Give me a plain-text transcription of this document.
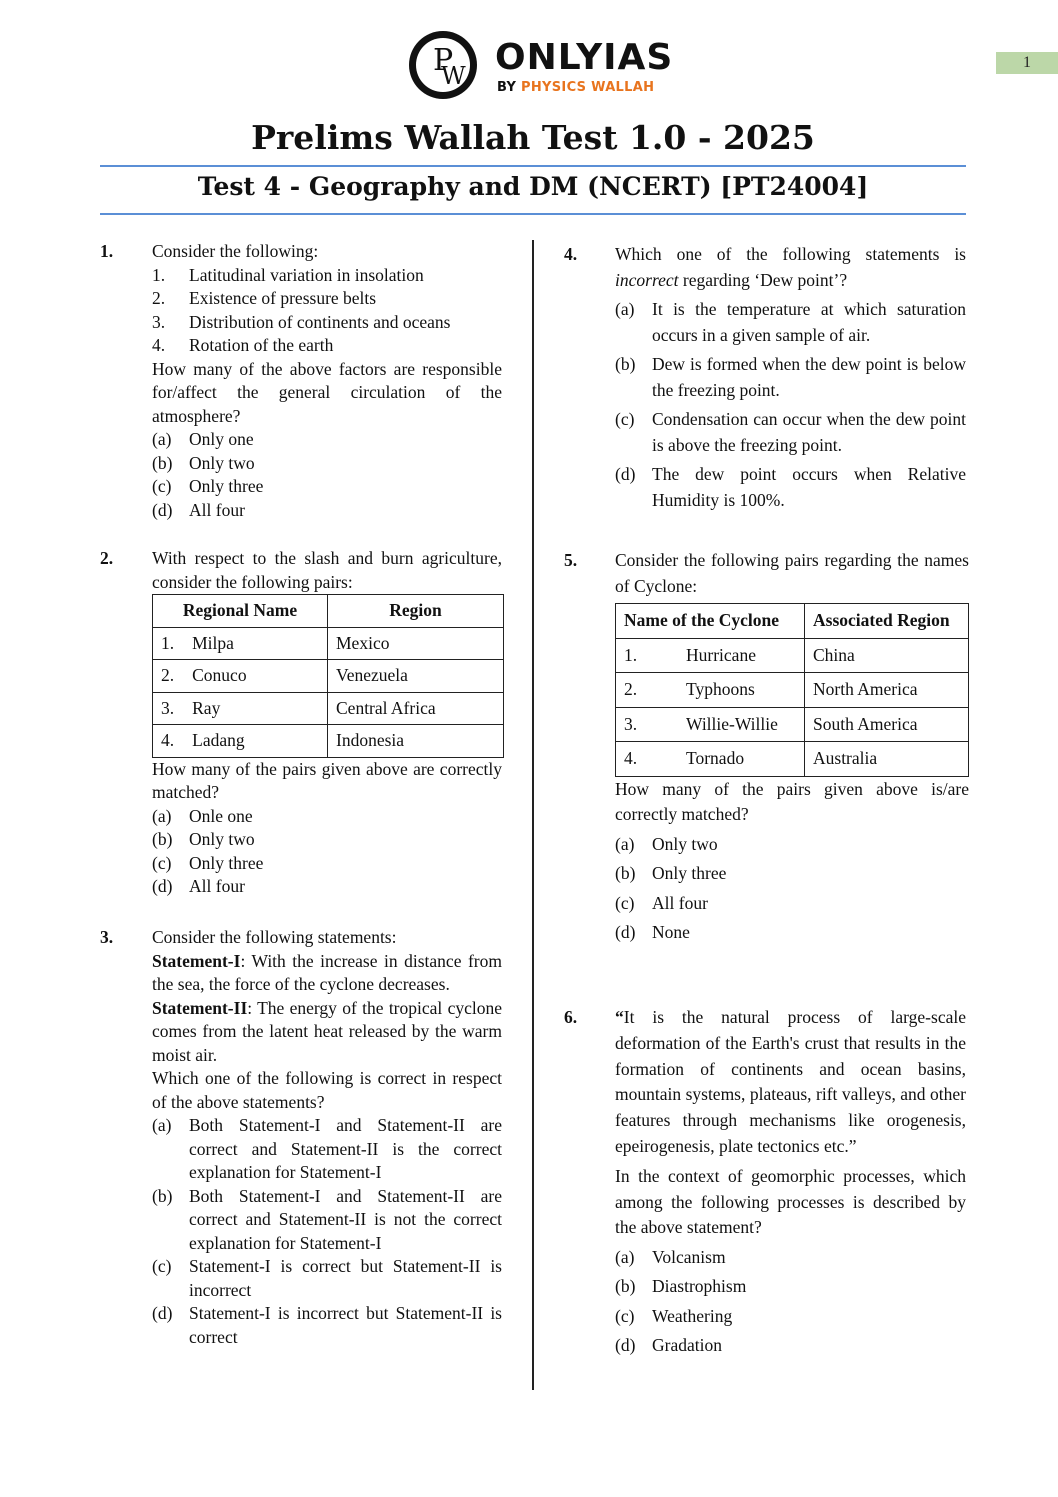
P
W ONLYIAS
BY PHYSICS WALLAH
1
Prelims Wallah Test 1.0 - 2025
Test 4 - Geography and DM (NCERT) [PT24004]
1. Consider the following:

1. Latitudinal variation in insolation
2. Existence of pressure belts
3. Distribution of continents and oceans
4. Rotation of the earth

How many of the above factors are responsible for/affect the general circulation of the atmosphere?

(a) Only one
(b) Only two
(c) Only three
(d) All four
2. With respect to the slash and burn agriculture, consider the following pairs:

Regional Name	Region
1. Milpa	Mexico
2. Conuco	Venezuela
3. Ray	Central Africa
4. Ladang	Indonesia

How many of the pairs given above are correctly matched?

(a) Onle one
(b) Only two
(c) Only three
(d) All four
3. Consider the following statements:

Statement-I: With the increase in distance from the sea, the force of the cyclone decreases.

Statement-II: The energy of the tropical cyclone comes from the latent heat released by the warm moist air.

Which one of the following is correct in respect of the above statements?

(a) Both Statement-I and Statement-II are correct and Statement-II is the correct explanation for Statement-I
(b) Both Statement-I and Statement-II are correct and Statement-II is not the correct explanation for Statement-I
(c) Statement-I is correct but Statement-II is incorrect
(d) Statement-I is incorrect but Statement-II is correct
4. Which one of the following statements is incorrect regarding ‘Dew point’?

(a) It is the temperature at which saturation occurs in a given sample of air.
(b) Dew is formed when the dew point is below the freezing point.
(c) Condensation can occur when the dew point is above the freezing point.
(d) The dew point occurs when Relative Humidity is 100%.
5. Consider the following pairs regarding the names of Cyclone:

Name of the Cyclone	Associated Region
1. Hurricane	China
2. Typhoons	North America
3. Willie-Willie	South America
4. Tornado	Australia

How many of the pairs given above is/are correctly matched?

(a) Only two
(b) Only three
(c) All four
(d) None
6. “It is the natural process of large-scale deformation of the Earth's crust that results in the formation of continents and ocean basins, mountain systems, plateaus, rift valleys, and other features through mechanisms like orogenesis, epeirogenesis, plate tectonics etc.”

In the context of geomorphic processes, which among the following processes is described by the above statement?

(a) Volcanism
(b) Diastrophism
(c) Weathering
(d) Gradation
